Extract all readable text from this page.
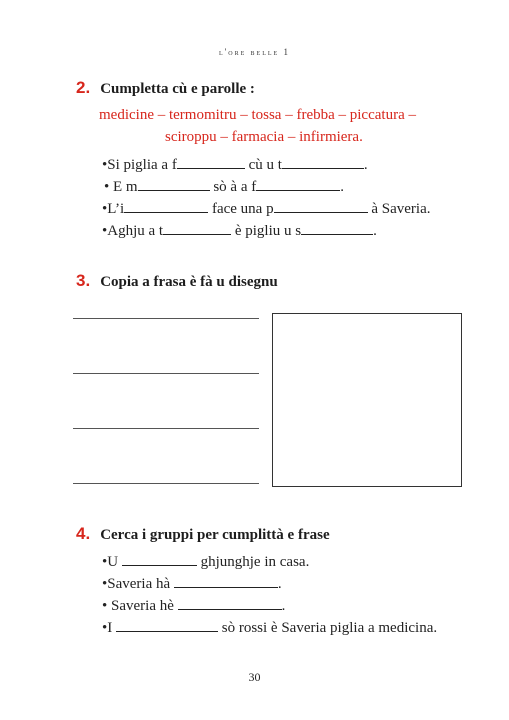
l'ore belle 1
2. Cumpletta cù e parolle :
medicine – termomitru – tossa – frebba – piccatura –
sciroppu – farmacia – infirmiera.
•Si piglia a f	cù u t	.
• E m	sò à a f	.
•L’i	face una p	à Saveria.
•Aghju a t	è pigliu u s	.
3. Copia a frasa è fà u disegnu
4. Cerca i gruppi per cumplittà e frase
•U	ghjunghje in casa.
•Saveria hà	.
• Saveria hè	.
•I	sò rossi è Saveria piglia a medicina.
30
